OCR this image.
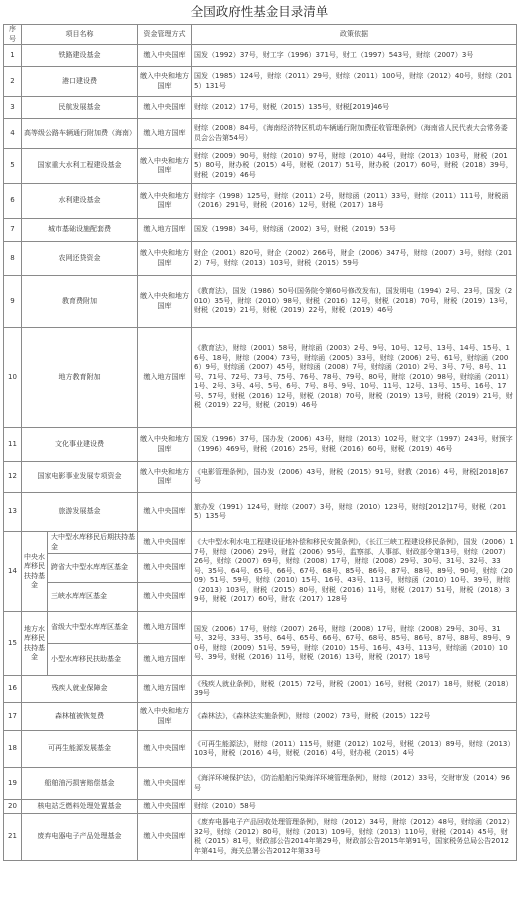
全国政府性基金目录清单
序号	项目名称		资金管理方式	政策依据
1	铁路建设基金		缴入中央国库	国发（1992）37号，财工字（1996）371号，财工（1997）543号，财综（2007）3号
2	港口建设费		缴入中央和地方国库	国发（1985）124号，财综（2011）29号，财综（2011）100号，财综（2012）40号，财综（2015）131号
3	民航发展基金		缴入中央国库	财综（2012）17号，财税（2015）135号，财税[2019]46号
4	高等级公路车辆通行附加费（海南）		缴入地方国库	财综（2008）84号，《海南经济特区机动车辆通行附加费征收管理条例》（海南省人民代表大会常务委员会公告第54号）
5	国家重大水利工程建设基金		缴入中央和地方国库	财综（2009）90号，财综（2010）97号，财综（2010）44号，财综（2013）103号，财税（2015）80号，财办税（2015）4号，财税（2017）51号，财办税（2017）60号，财税（2018）39号，财税（2019）46号
6	水利建设基金		缴入中央和地方国库	财综字（1998）125号，财综（2011）2号，财综函（2011）33号，财综（2011）111号，财税函（2016）291号，财税（2016）12号，财税（2017）18号
7	城市基础设施配套费		缴入地方国库	国发（1998）34号，财综函（2002）3号，财税（2019）53号
8	农网还贷资金		缴入中央和地方国库	财企（2001）820号，财企（2002）266号，财企（2006）347号，财综（2007）3号，财综（2012）7号，财综（2013）103号，财税（2015）59号
9	教育费附加		缴入中央和地方国库	《教育法》，国发（1986）50号(国务院令第60号修改发布)，国发明电（1994）2号、23号，国发（2010）35号，财综（2010）98号，财税（2016）12号，财税（2018）70号，财税（2019）13号，财税（2019）21号，财税（2019）22号，财税（2019）46号
10	地方教育附加		缴入地方国库	《教育法》，财综（2001）58号，财综函（2003）2号、9号、10号、12号、13号、14号、15号、16号、18号，财综（2004）73号，财综函（2005）33号，财综（2006）2号、61号，财综函（2006）9号，财综函（2007）45号，财综函（2008）7号，财综函（2010）2号、3号、7号、8号、11号、71号、72号、73号、75号、76号、78号、79号、80号，财综（2010）98号，财综函（2011）1号、2号、3号、4号、5号、6号、7号、8号、9号、10号、11号、12号、13号、15号、16号、17号、57号，财税（2016）12号，财税（2018）70号，财税（2019）13号，财税（2019）21号，财税（2019）22号，财税（2019）46号
11	文化事业建设费		缴入中央和地方国库	国发（1996）37号，国办发（2006）43号，财综（2013）102号，财文字（1997）243号，财预字（1996）469号，财税（2016）25号，财税（2016）60号，财税（2019）46号
12	国家电影事业发展专项资金		缴入中央和地方国库	《电影管理条例》，国办发（2006）43号，财税（2015）91号，财教（2016）4号，财税[2018]67号
13	旅游发展基金		缴入中央国库	旅办发（1991）124号，财综（2007）3号，财综（2010）123号，财综[2012]17号，财税（2015）135号
14	中央水库移民扶持基金	大中型水库移民后期扶持基金	缴入中央国库	《大中型水利水电工程建设征地补偿和移民安置条例》，《长江三峡工程建设移民条例》，国发（2006）17号，财综（2006）29号，财监（2006）95号，监察部、人事部、财政部令第13号，财综（2007）26号，财综（2007）69号，财综（2008）17号，财综（2008）29号、30号、31号、32号、33号、35号、64号、65号、66号、67号、68号、85号、86号、87号、88号、89号、90号，财综（2009）51号、59号，财综（2010）15号、16号、43号、113号，财综函（2010）10号、39号，财综（2013）103号，财税（2015）80号，财税（2016）11号，财税（2017）51号，财税（2018）39号，财税（2017）60号，财农（2017）128号
		跨省大中型水库库区基金	缴入中央国库	
		三峡水库库区基金	缴入中央国库	
15	地方水库移民扶持基金	省级大中型水库库区基金	缴入地方国库	国发（2006）17号，财综（2007）26号，财综（2008）17号，财综（2008）29号、30号、31号、32号、33号、35号、64号、65号、66号、67号、68号、85号、86号、87号、88号、89号、90号，财综（2009）51号、59号，财综（2010）15号、16号、43号、113号，财综函（2010）10号、39号，财税（2016）11号，财税（2016）13号，财税（2017）18号
		小型水库移民扶助基金	缴入地方国库	
16	残疾人就业保障金		缴入地方国库	《残疾人就业条例》，财税（2015）72号，财税（2001）16号，财税（2017）18号，财税（2018）39号
17	森林植被恢复费		缴入中央和地方国库	《森林法》，《森林法实施条例》，财综（2002）73号，财税（2015）122号
18	可再生能源发展基金		缴入中央国库	《可再生能源法》，财综（2011）115号，财建（2012）102号，财税（2013）89号，财综（2013）103号，财税（2016）4号，财税（2016）4号，财办税（2015）4号
19	船舶油污损害赔偿基金		缴入中央国库	《海洋环境保护法》，《防治船舶污染海洋环境管理条例》，财综（2012）33号，交财审发（2014）96号
20	核电站乏燃料处理处置基金		缴入中央国库	财综（2010）58号
21	废弃电器电子产品处理基金		缴入中央国库	《废弃电器电子产品回收处理管理条例》，财综（2012）34号，财综（2012）48号，财综函（2012）32号，财综（2012）80号，财综（2013）109号，财综（2013）110号，财税（2014）45号，财税（2015）81号，财政部公告2014年第29号，财政部公告2015年第91号，国家税务总局公告2012年第41号，海关总署公告2012年第33号
